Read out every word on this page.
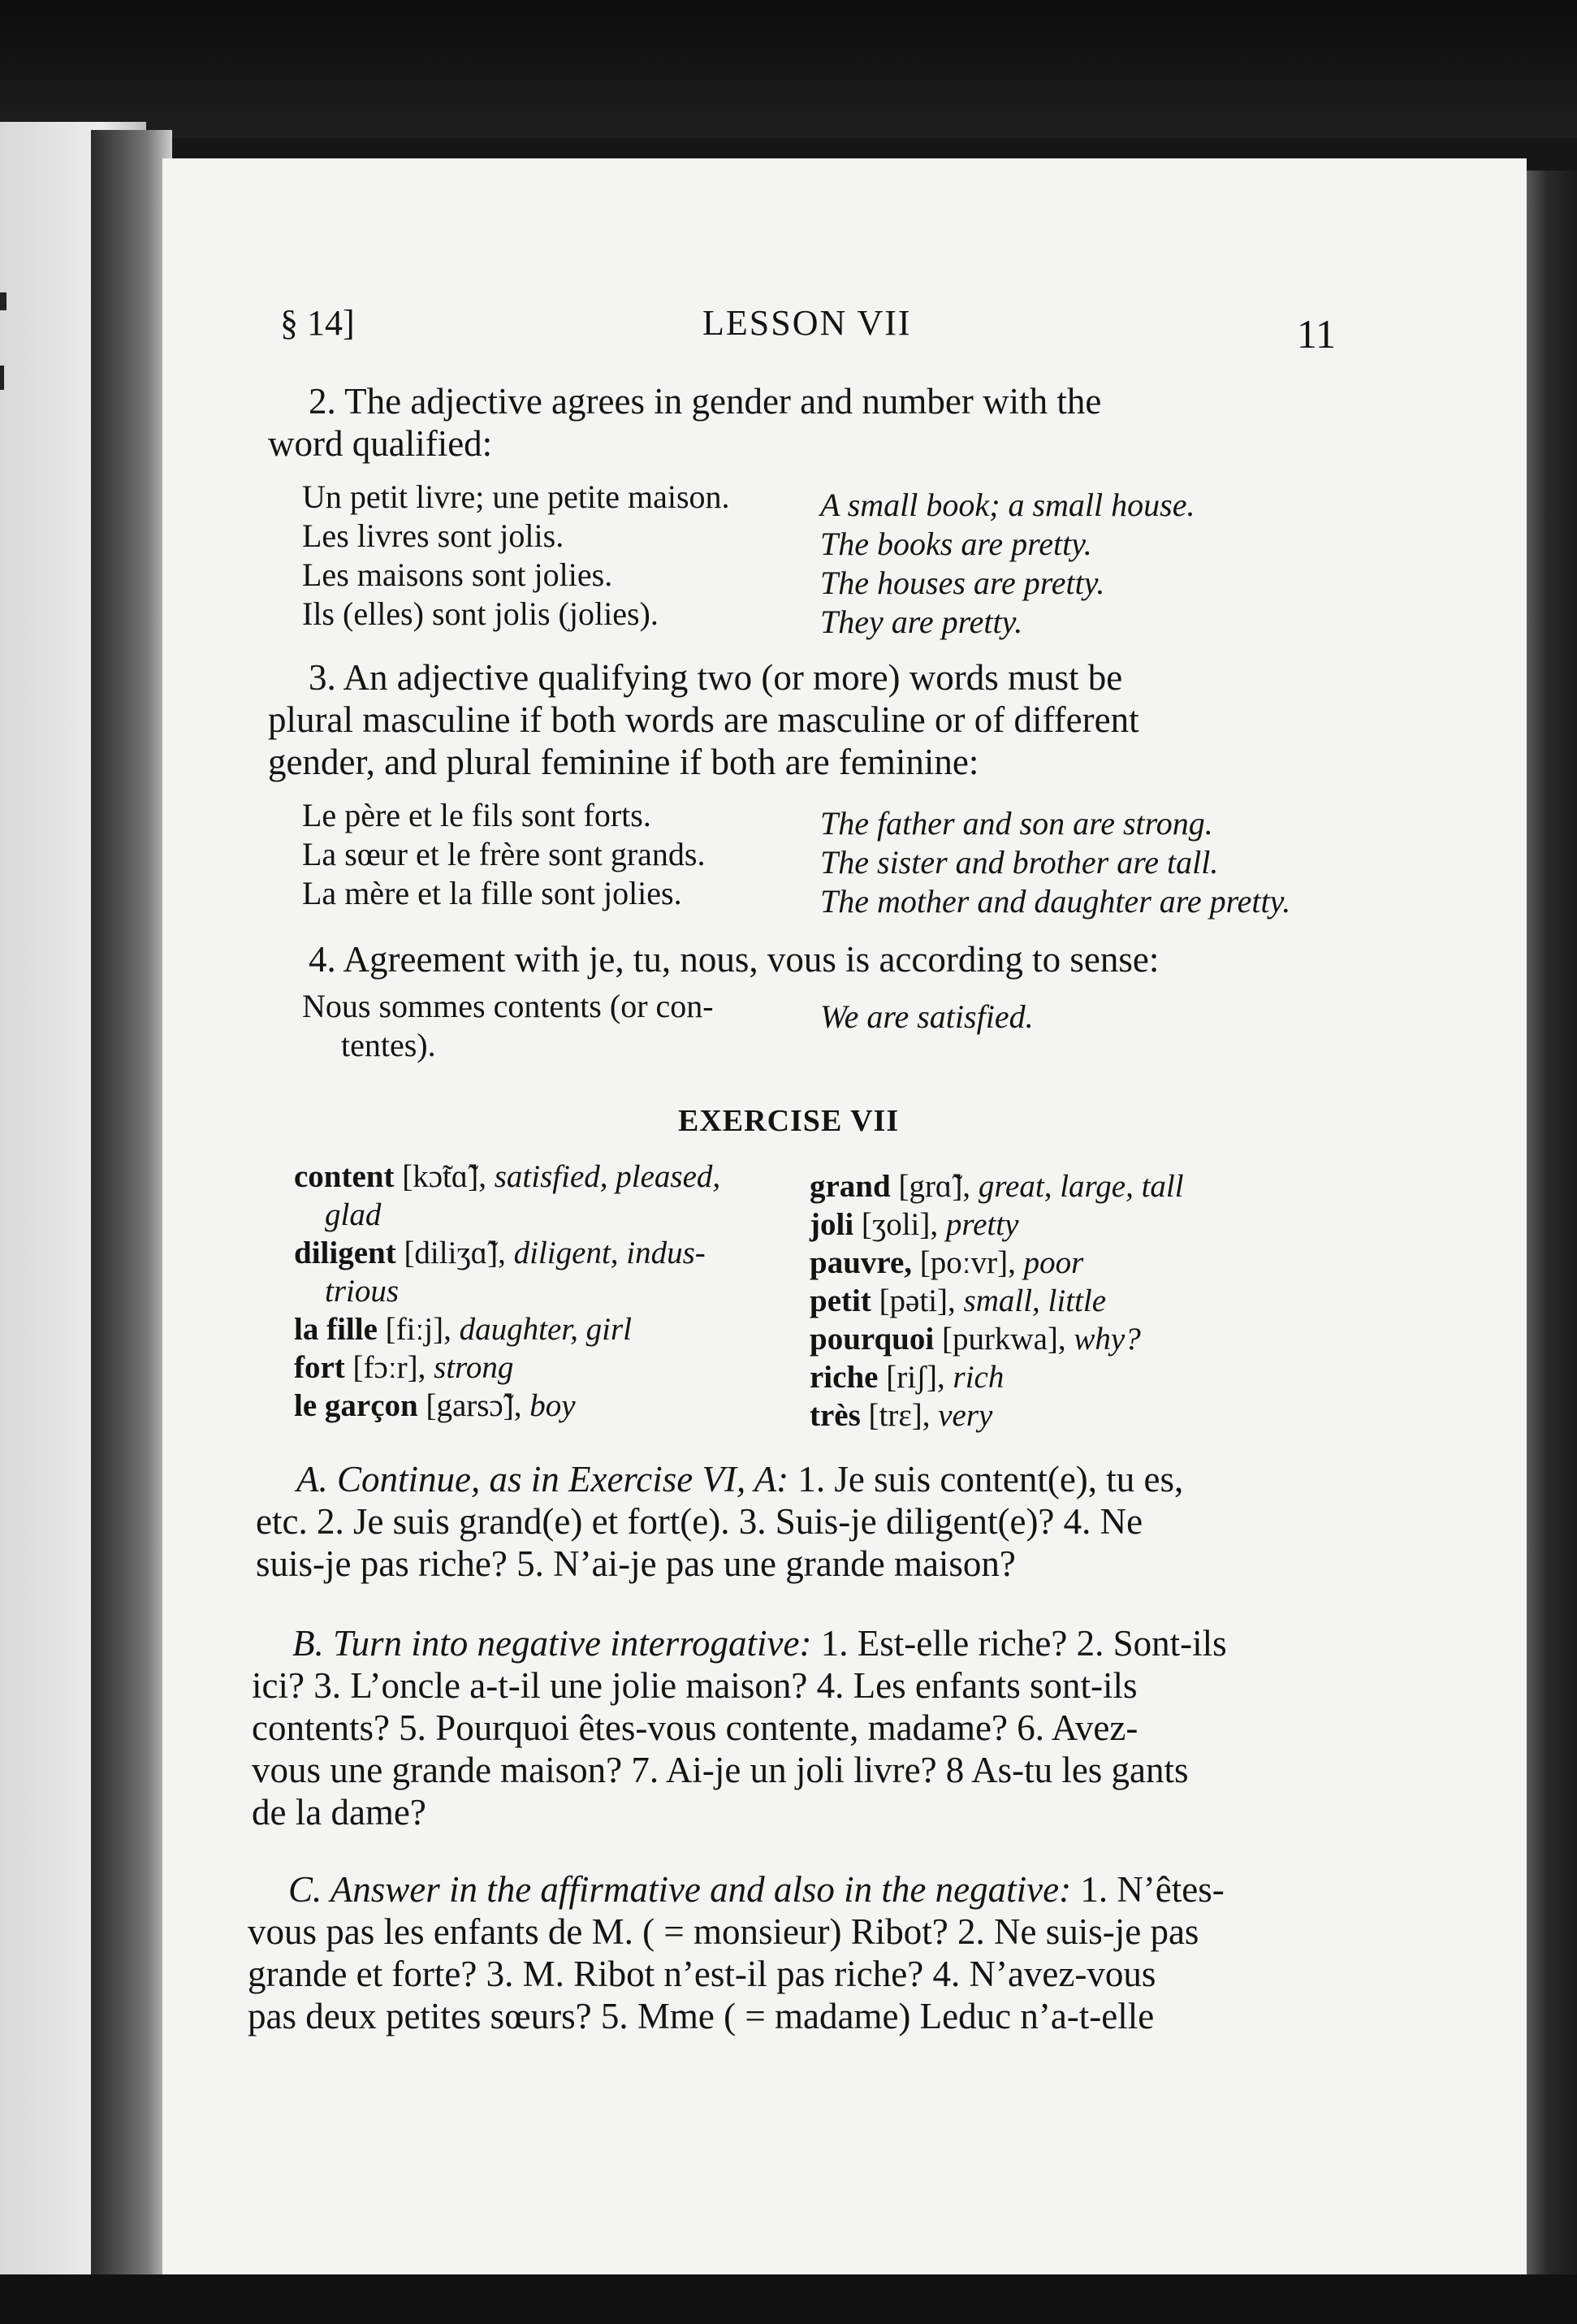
§ 14]	LESSON VII	11
2. The adjective agrees in gender and number with the
word qualified:
Un petit livre; une petite maison.
Les livres sont jolis.
Les maisons sont jolies.
Ils (elles) sont jolis (jolies).
A small book; a small house.
The books are pretty.
The houses are pretty.
They are pretty.
3. An adjective qualifying two (or more) words must be
plural masculine if both words are masculine or of different
gender, and plural feminine if both are feminine:
Le père et le fils sont forts.
La sœur et le frère sont grands.
La mère et la fille sont jolies.
The father and son are strong.
The sister and brother are tall.
The mother and daughter are pretty.
4. Agreement with je, tu, nous, vous is according to sense:
Nous sommes contents (or con-
tentes).
We are satisfied.
EXERCISE VII
content [kɔ̃tɑ̃], satisfied, pleased,
glad
diligent [diliʒɑ̃], diligent, indus-
trious
la fille [fiːj], daughter, girl
fort [fɔːr], strong
le garçon [garsɔ̃], boy
grand [grɑ̃], great, large, tall
joli [ʒoli], pretty
pauvre, [poːvr], poor
petit [pəti], small, little
pourquoi [purkwa], why?
riche [riʃ], rich
très [trɛ], very
A. Continue, as in Exercise VI, A: 1. Je suis content(e), tu es,
etc. 2. Je suis grand(e) et fort(e). 3. Suis-je diligent(e)? 4. Ne
suis-je pas riche? 5. N’ai-je pas une grande maison?
B. Turn into negative interrogative: 1. Est-elle riche? 2. Sont-ils
ici? 3. L’oncle a-t-il une jolie maison? 4. Les enfants sont-ils
contents? 5. Pourquoi êtes-vous contente, madame? 6. Avez-
vous une grande maison? 7. Ai-je un joli livre? 8 As-tu les gants
de la dame?
C. Answer in the affirmative and also in the negative: 1. N’êtes-
vous pas les enfants de M. ( = monsieur) Ribot? 2. Ne suis-je pas
grande et forte? 3. M. Ribot n’est-il pas riche? 4. N’avez-vous
pas deux petites sœurs? 5. Mme ( = madame) Leduc n’a-t-elle
